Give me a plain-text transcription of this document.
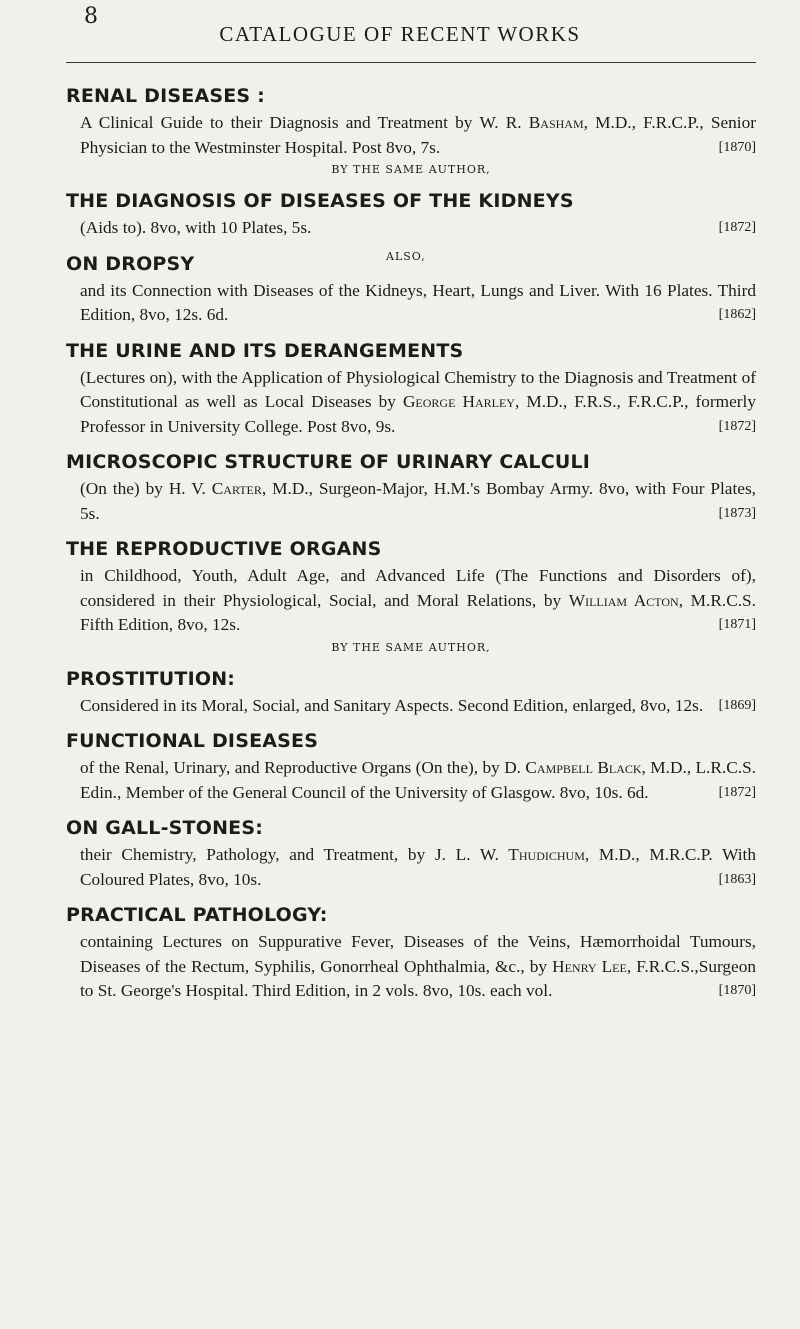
8
CATALOGUE OF RECENT WORKS
RENAL DISEASES :
A Clinical Guide to their Diagnosis and Treatment by W. R. Basham, M.D., F.R.C.P., Senior Physician to the Westminster Hospital. Post 8vo, 7s.	[1870]
BY THE SAME AUTHOR,
THE DIAGNOSIS OF DISEASES OF THE KIDNEYS
(Aids to). 8vo, with 10 Plates, 5s.	[1872]
ON DROPSY	ALSO,
and its Connection with Diseases of the Kidneys, Heart, Lungs and Liver. With 16 Plates. Third Edition, 8vo, 12s. 6d.	[1862]
THE URINE AND ITS DERANGEMENTS
(Lectures on), with the Application of Physiological Chemistry to the Diagnosis and Treatment of Constitutional as well as Local Diseases by George Harley, M.D., F.R.S., F.R.C.P., formerly Professor in University College. Post 8vo, 9s.	[1872]
MICROSCOPIC STRUCTURE OF URINARY CALCULI
(On the) by H. V. Carter, M.D., Surgeon-Major, H.M.'s Bombay Army. 8vo, with Four Plates, 5s.	[1873]
THE REPRODUCTIVE ORGANS
in Childhood, Youth, Adult Age, and Advanced Life (The Functions and Disorders of), considered in their Physiological, Social, and Moral Relations, by William Acton, M.R.C.S. Fifth Edition, 8vo, 12s.	[1871]
BY THE SAME AUTHOR,
PROSTITUTION:
Considered in its Moral, Social, and Sanitary Aspects. Second Edition, enlarged, 8vo, 12s. [1869]
FUNCTIONAL DISEASES
of the Renal, Urinary, and Reproductive Organs (On the), by D. Campbell Black, M.D., L.R.C.S. Edin., Member of the General Council of the University of Glasgow. 8vo, 10s. 6d.	[1872]
ON GALL-STONES:
their Chemistry, Pathology, and Treatment, by J. L. W. Thudichum, M.D., M.R.C.P. With Coloured Plates, 8vo, 10s.	[1863]
PRACTICAL PATHOLOGY:
containing Lectures on Suppurative Fever, Diseases of the Veins, Hæmorrhoidal Tumours, Diseases of the Rectum, Syphilis, Gonorrheal Ophthalmia, &c., by Henry Lee, F.R.C.S.,Surgeon to St. George's Hospital. Third Edition, in 2 vols. 8vo, 10s. each vol.	[1870]
